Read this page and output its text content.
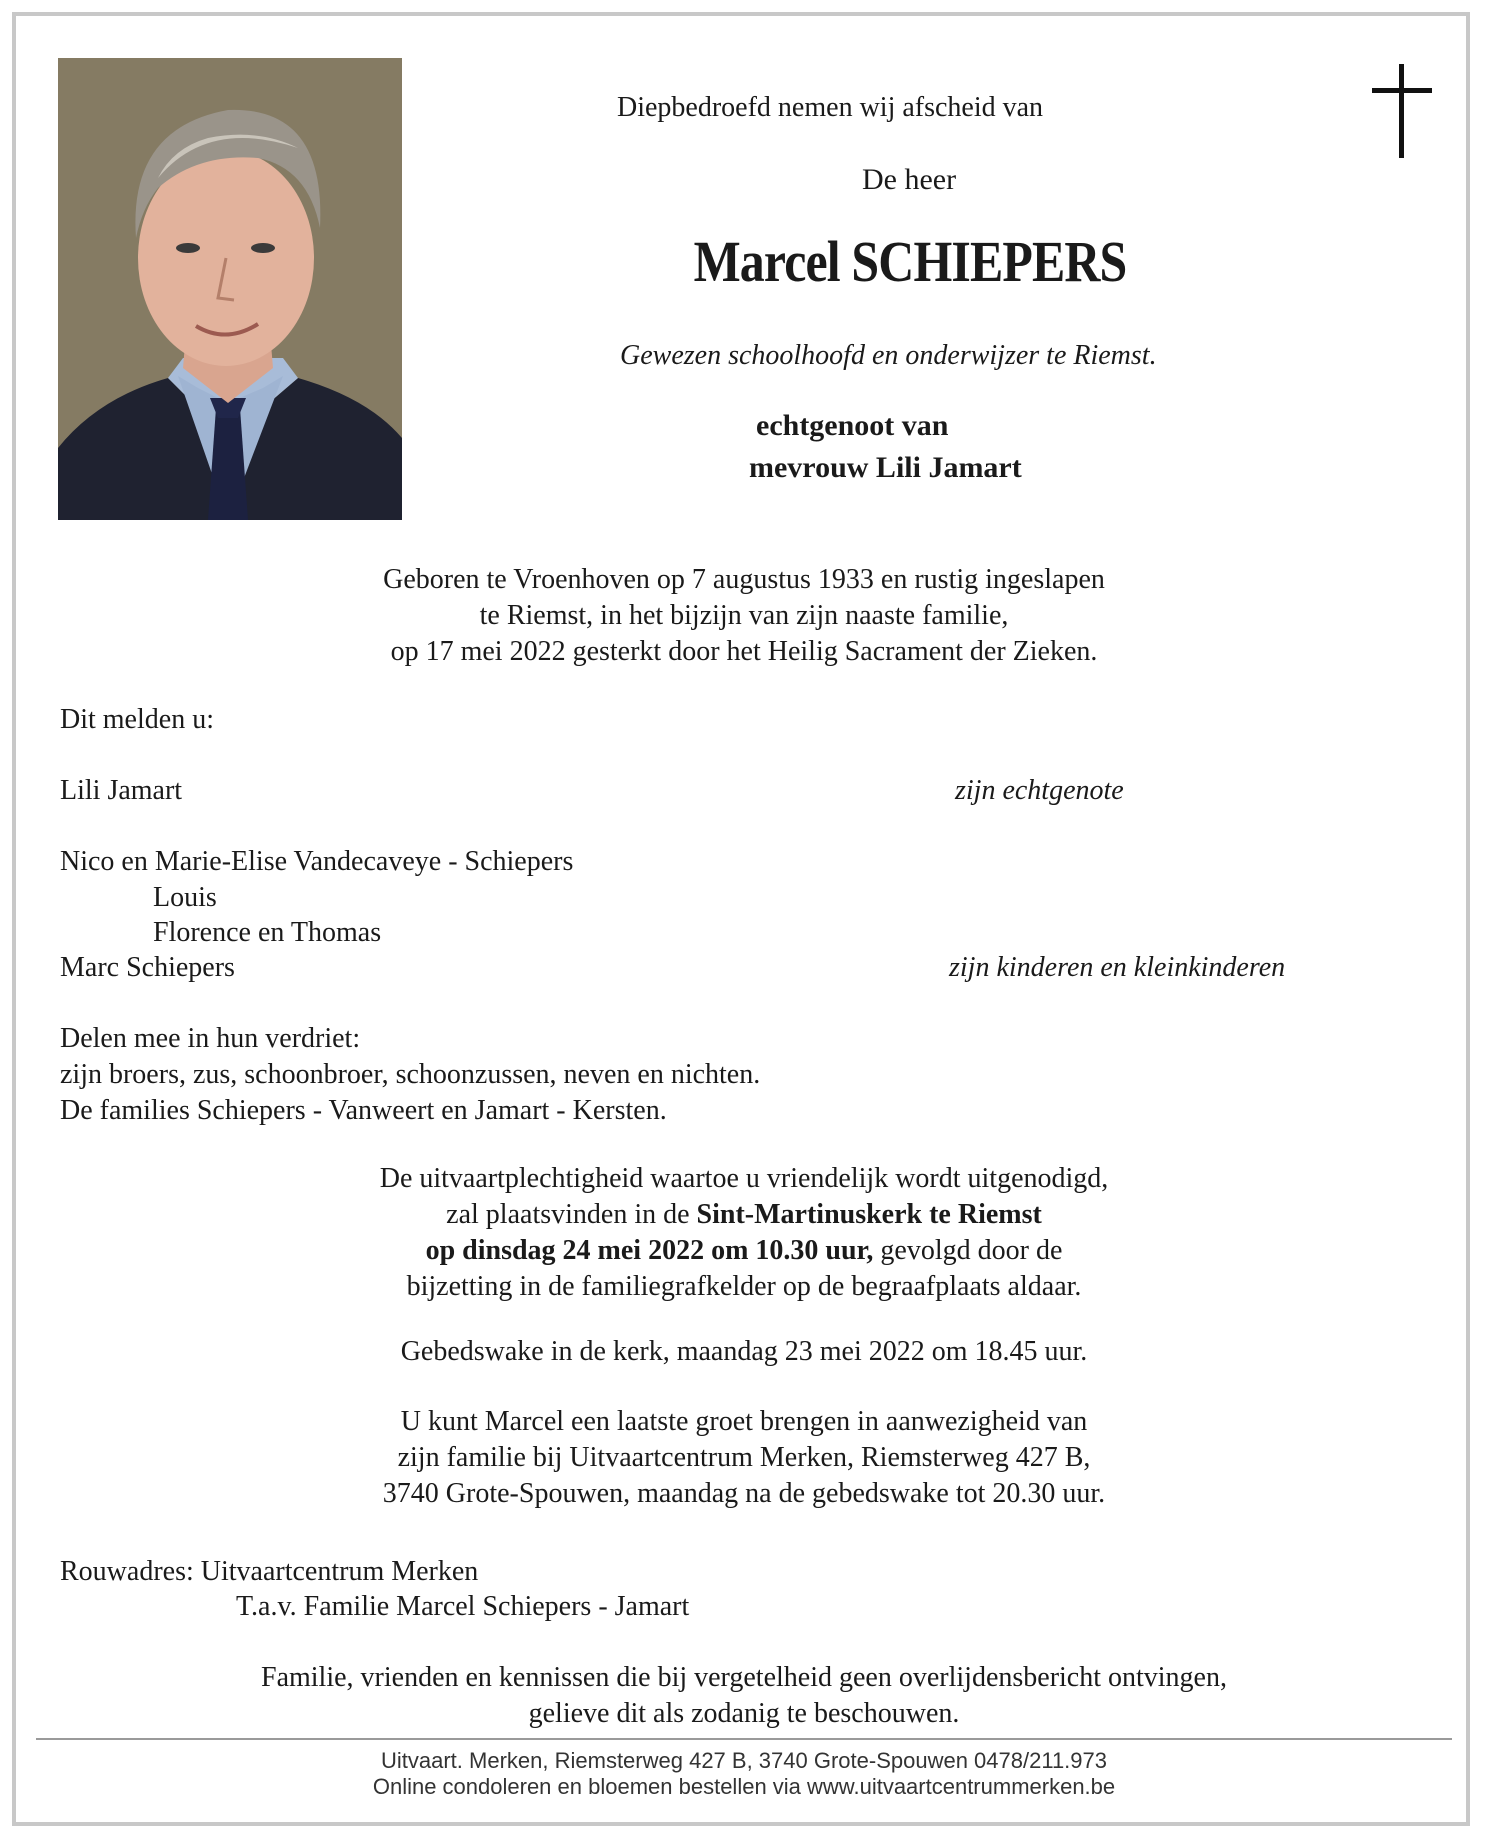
Diepbedroefd nemen wij afscheid van

De heer

Marcel SCHIEPERS

Gewezen schoolhoofd en onderwijzer te Riemst.

echtgenoot van

mevrouw Lili Jamart

Geboren te Vroenhoven op 7 augustus 1933 en rustig ingeslapen
te Riemst, in het bijzijn van zijn naaste familie,
op 17 mei 2022 gesterkt door het Heilig Sacrament der Zieken.

Dit melden u:

Lili Jamart	zijn echtgenote

Nico en Marie-Elise Vandecaveye - Schiepers

Louis

Florence en Thomas

Marc Schiepers	zijn kinderen en kleinkinderen

Delen mee in hun verdriet:
zijn broers, zus, schoonbroer, schoonzussen, neven en nichten.
De families Schiepers - Vanweert en Jamart - Kersten.
De uitvaartplechtigheid waartoe u vriendelijk wordt uitgenodigd,
zal plaatsvinden in de Sint-Martinuskerk te Riemst
op dinsdag 24 mei 2022 om 10.30 uur, gevolgd door de
bijzetting in de familiegrafkelder op de begraafplaats aldaar.
Gebedswake in de kerk, maandag 23 mei 2022 om 18.45 uur.
U kunt Marcel een laatste groet brengen in aanwezigheid van
zijn familie bij Uitvaartcentrum Merken, Riemsterweg 427 B,
3740 Grote-Spouwen, maandag na de gebedswake tot 20.30 uur.

Rouwadres: Uitvaartcentrum Merken

T.a.v. Familie Marcel Schiepers - Jamart

Familie, vrienden en kennissen die bij vergetelheid geen overlijdensbericht ontvingen,
gelieve dit als zodanig te beschouwen.
Uitvaart. Merken, Riemsterweg 427 B, 3740 Grote-Spouwen 0478/211.973
Online condoleren en bloemen bestellen via www.uitvaartcentrummerken.be
